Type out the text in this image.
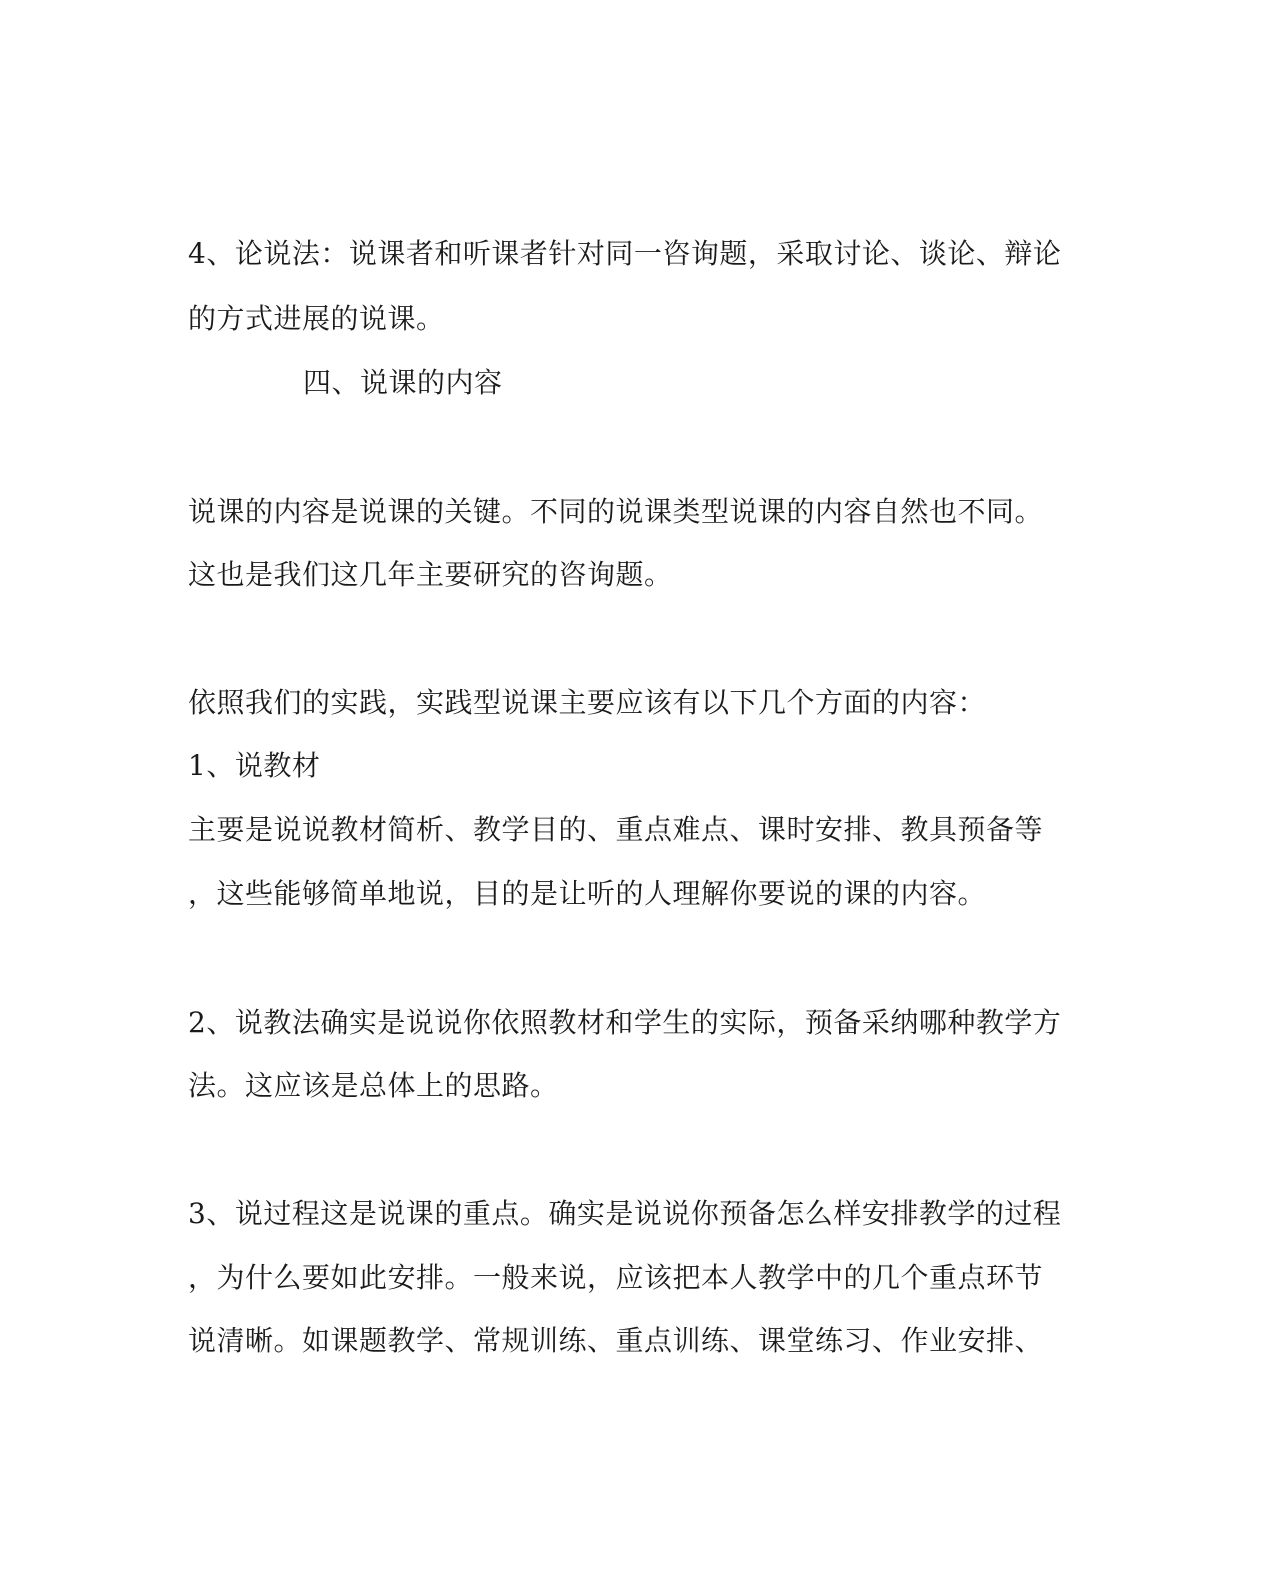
4、论说法：说课者和听课者针对同一咨询题，采取讨论、谈论、辩论
的方式进展的说课。
四、说课的内容
说课的内容是说课的关键。不同的说课类型说课的内容自然也不同。
这也是我们这几年主要研究的咨询题。
依照我们的实践，实践型说课主要应该有以下几个方面的内容：
1、说教材
主要是说说教材简析、教学目的、重点难点、课时安排、教具预备等
，这些能够简单地说，目的是让听的人理解你要说的课的内容。
2、说教法确实是说说你依照教材和学生的实际，预备采纳哪种教学方
法。这应该是总体上的思路。
3、说过程这是说课的重点。确实是说说你预备怎么样安排教学的过程
，为什么要如此安排。一般来说，应该把本人教学中的几个重点环节
说清晰。如课题教学、常规训练、重点训练、课堂练习、作业安排、
